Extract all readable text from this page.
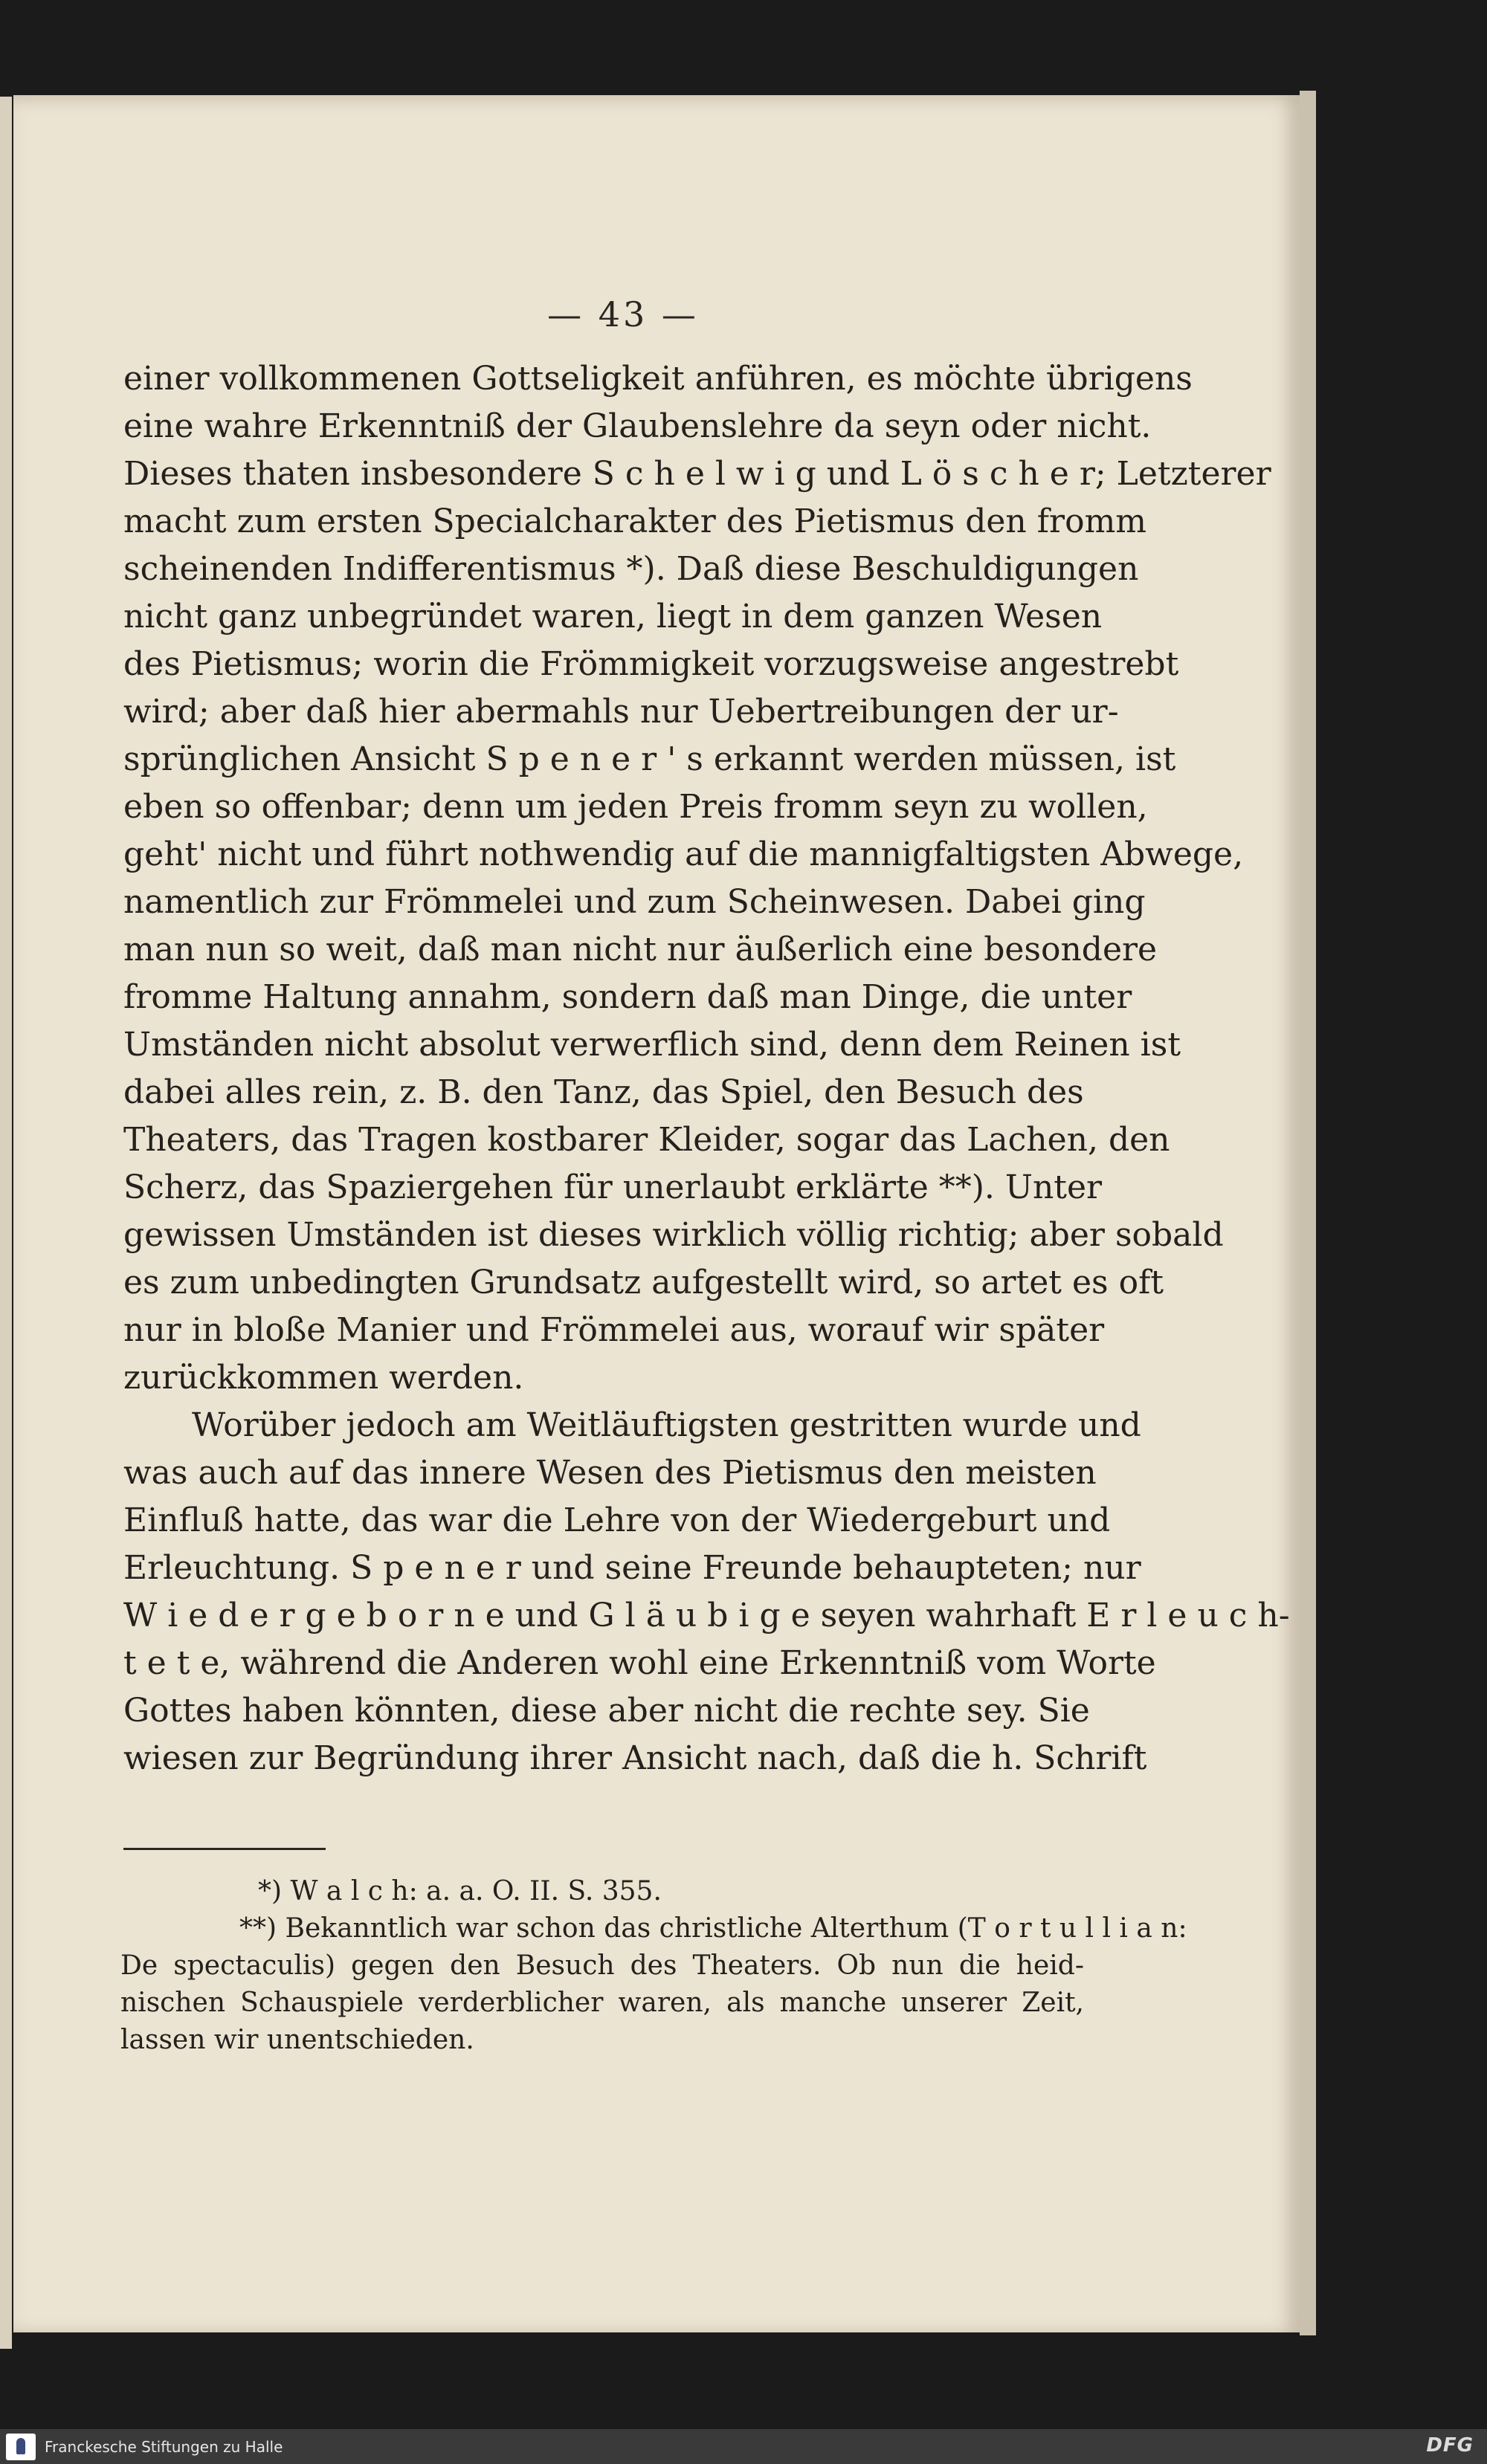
— 43 —
einer vollkommenen Gottseligkeit anführen, es möchte übrigens
eine wahre Erkenntniß der Glaubenslehre da seyn oder nicht.
Dieses thaten insbesondere S c h e l w i g und L ö s c h e r; Letzterer
macht zum ersten Specialcharakter des Pietismus den fromm
scheinenden Indifferentismus *). Daß diese Beschuldigungen
nicht ganz unbegründet waren, liegt in dem ganzen Wesen
des Pietismus; worin die Frömmigkeit vorzugsweise angestrebt
wird; aber daß hier abermahls nur Uebertreibungen der ur-
sprünglichen Ansicht S p e n e r ' s erkannt werden müssen, ist
eben so offenbar; denn um jeden Preis fromm seyn zu wollen,
geht' nicht und führt nothwendig auf die mannigfaltigsten Abwege,
namentlich zur Frömmelei und zum Scheinwesen. Dabei ging
man nun so weit, daß man nicht nur äußerlich eine besondere
fromme Haltung annahm, sondern daß man Dinge, die unter
Umständen nicht absolut verwerflich sind, denn dem Reinen ist
dabei alles rein, z. B. den Tanz, das Spiel, den Besuch des
Theaters, das Tragen kostbarer Kleider, sogar das Lachen, den
Scherz, das Spaziergehen für unerlaubt erklärte **). Unter
gewissen Umständen ist dieses wirklich völlig richtig; aber sobald
es zum unbedingten Grundsatz aufgestellt wird, so artet es oft
nur in bloße Manier und Frömmelei aus, worauf wir später
zurückkommen werden.
Worüber jedoch am Weitläuftigsten gestritten wurde und
was auch auf das innere Wesen des Pietismus den meisten
Einfluß hatte, das war die Lehre von der Wiedergeburt und
Erleuchtung. S p e n e r und seine Freunde behaupteten; nur
W i e d e r g e b o r n e und G l ä u b i g e seyen wahrhaft E r l e u c h-
t e t e, während die Anderen wohl eine Erkenntniß vom Worte
Gottes haben könnten, diese aber nicht die rechte sey. Sie
wiesen zur Begründung ihrer Ansicht nach, daß die h. Schrift
*) W a l c h: a. a. O. II. S. 355.
**) Bekanntlich war schon das christliche Alterthum (T o r t u l l i a n:
De spectaculis) gegen den Besuch des Theaters. Ob nun die heid-
nischen Schauspiele verderblicher waren, als manche unserer Zeit,
lassen wir unentschieden.
Franckesche Stiftungen zu Halle	DFG
